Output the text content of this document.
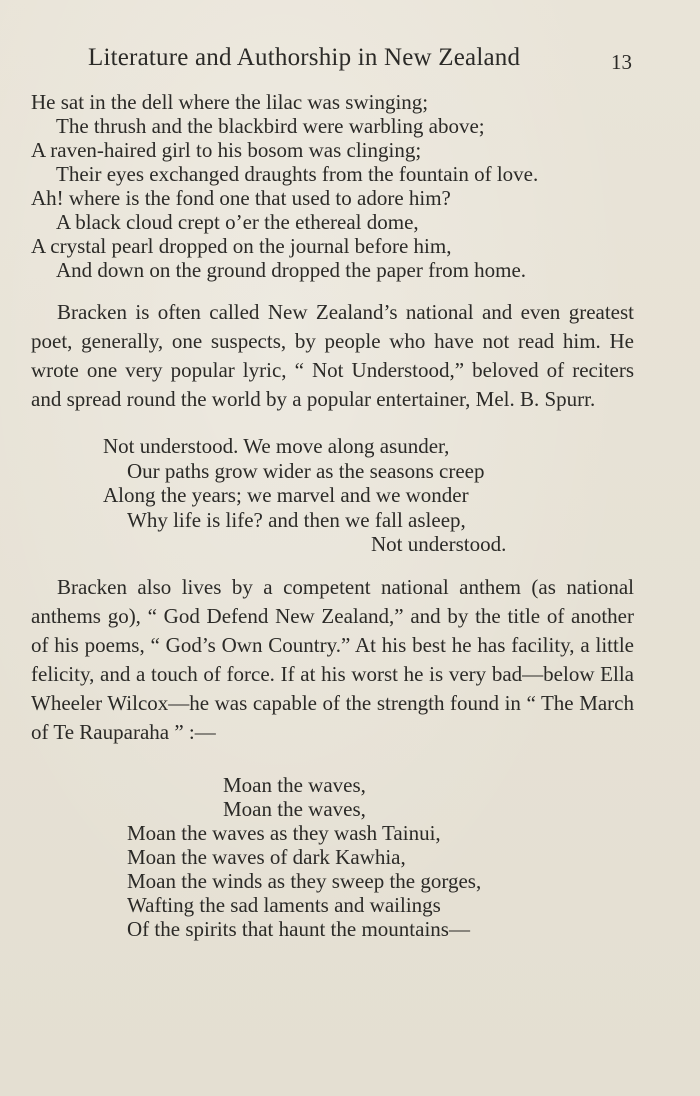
Literature and Authorship in New Zealand	13
He sat in the dell where the lilac was swinging;
The thrush and the blackbird were warbling above;
A raven-haired girl to his bosom was clinging;
Their eyes exchanged draughts from the fountain of love.
Ah! where is the fond one that used to adore him?
A black cloud crept o’er the ethereal dome,
A crystal pearl dropped on the journal before him,
And down on the ground dropped the paper from home.

Bracken is often called New Zealand’s national and even greatest poet, generally, one suspects, by people who have not read him. He wrote one very popular lyric, “ Not Understood,” beloved of reciters and spread round the world by a popular entertainer, Mel. B. Spurr.

Not understood. We move along asunder,
Our paths grow wider as the seasons creep
Along the years; we marvel and we wonder
Why life is life? and then we fall asleep,
Not understood.

Bracken also lives by a competent national anthem (as national anthems go), “ God Defend New Zealand,” and by the title of another of his poems, “ God’s Own Country.” At his best he has facility, a little felicity, and a touch of force. If at his worst he is very bad—below Ella Wheeler Wilcox—he was capable of the strength found in “ The March of Te Rauparaha ” :—

Moan the waves,
Moan the waves,
Moan the waves as they wash Tainui,
Moan the waves of dark Kawhia,
Moan the winds as they sweep the gorges,
Wafting the sad laments and wailings
Of the spirits that haunt the mountains—
